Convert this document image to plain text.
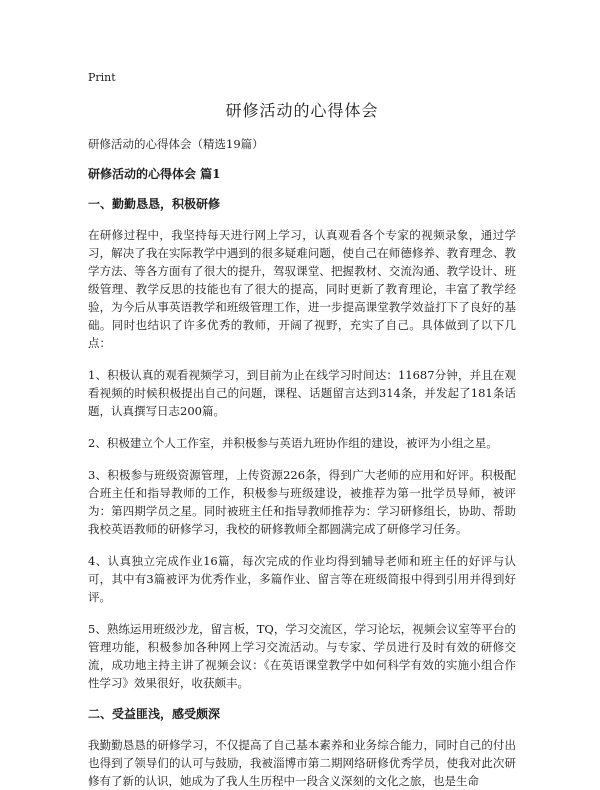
Print
研修活动的心得体会

研修活动的心得体会（精选19篇）

研修活动的心得体会 篇1

一、勤勤恳恳，积极研修

在研修过程中，我坚持每天进行网上学习，认真观看各个专家的视频录象，通过学习，解决了我在实际教学中遇到的很多疑难问题，使自己在师德修养、教育理念、教学方法、等各方面有了很大的提升，驾驭课堂、把握教材、交流沟通、教学设计、班级管理、教学反思的技能也有了很大的提高，同时更新了教育理论，丰富了教学经验，为今后从事英语教学和班级管理工作，进一步提高课堂教学效益打下了良好的基础。同时也结识了许多优秀的教师，开阔了视野，充实了自己。具体做到了以下几点：

1、积极认真的观看视频学习，到目前为止在线学习时间达：11687分钟，并且在观看视频的时候积极提出自己的问题，课程、话题留言达到314条，并发起了181条话题，认真撰写日志200篇。

2、积极建立个人工作室，并积极参与英语九班协作组的建设，被评为小组之星。

3、积极参与班级资源管理，上传资源226条，得到广大老师的应用和好评。积极配合班主任和指导教师的工作，积极参与班级建设，被推荐为第一批学员导师，被评为：第四期学员之星。同时被班主任和指导教师推荐为：学习研修组长，协助、帮助我校英语教师的研修学习，我校的研修教师全都圆满完成了研修学习任务。

4、认真独立完成作业16篇，每次完成的作业均得到辅导老师和班主任的好评与认可，其中有3篇被评为优秀作业，多篇作业、留言等在班级简报中得到引用并得到好评。

5、熟练运用班级沙龙，留言板，TQ，学习交流区，学习论坛，视频会议室等平台的管理功能，积极参加各种网上学习交流活动。与专家、学员进行及时有效的研修交流，成功地主持主讲了视频会议：《在英语课堂教学中如何科学有效的实施小组合作性学习》效果很好，收获颇丰。

二、受益匪浅，感受颇深

我勤勤恳恳的研修学习，不仅提高了自己基本素养和业务综合能力，同时自己的付出也得到了领导们的认可与鼓励，我被淄博市第二期网络研修优秀学员，使我对此次研修有了新的认识，她成为了我人生历程中一段含义深刻的文化之旅，也是生命
